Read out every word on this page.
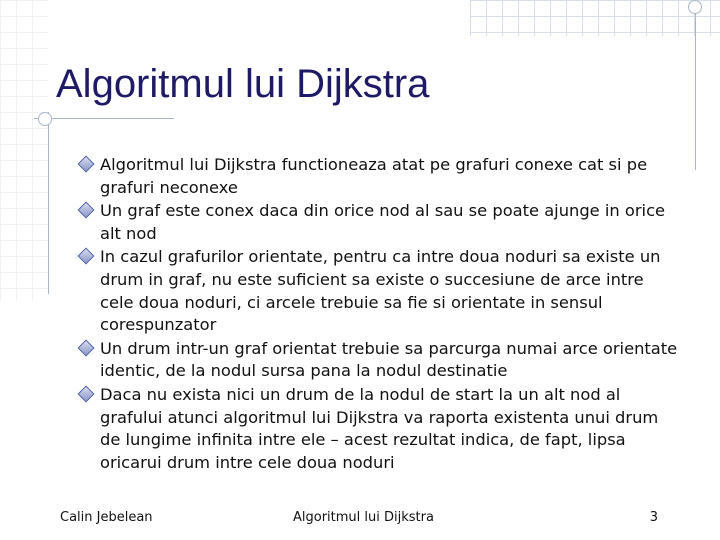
Algoritmul lui Dijkstra
Algoritmul lui Dijkstra functioneaza atat pe grafuri conexe cat si pe grafuri neconexe
Un graf este conex daca din orice nod al sau se poate ajunge in orice alt nod
In cazul grafurilor orientate, pentru ca intre doua noduri sa existe un drum in graf, nu este suficient sa existe o succesiune de arce intre cele doua noduri, ci arcele trebuie sa fie si orientate in sensul corespunzator
Un drum intr-un graf orientat trebuie sa parcurga numai arce orientate identic, de la nodul sursa pana la nodul destinatie
Daca nu exista nici un drum de la nodul de start la un alt nod al grafului atunci algoritmul lui Dijkstra va raporta existenta unui drum de lungime infinita intre ele – acest rezultat indica, de fapt, lipsa oricarui drum intre cele doua noduri
Calin Jebelean	Algoritmul lui Dijkstra	3
